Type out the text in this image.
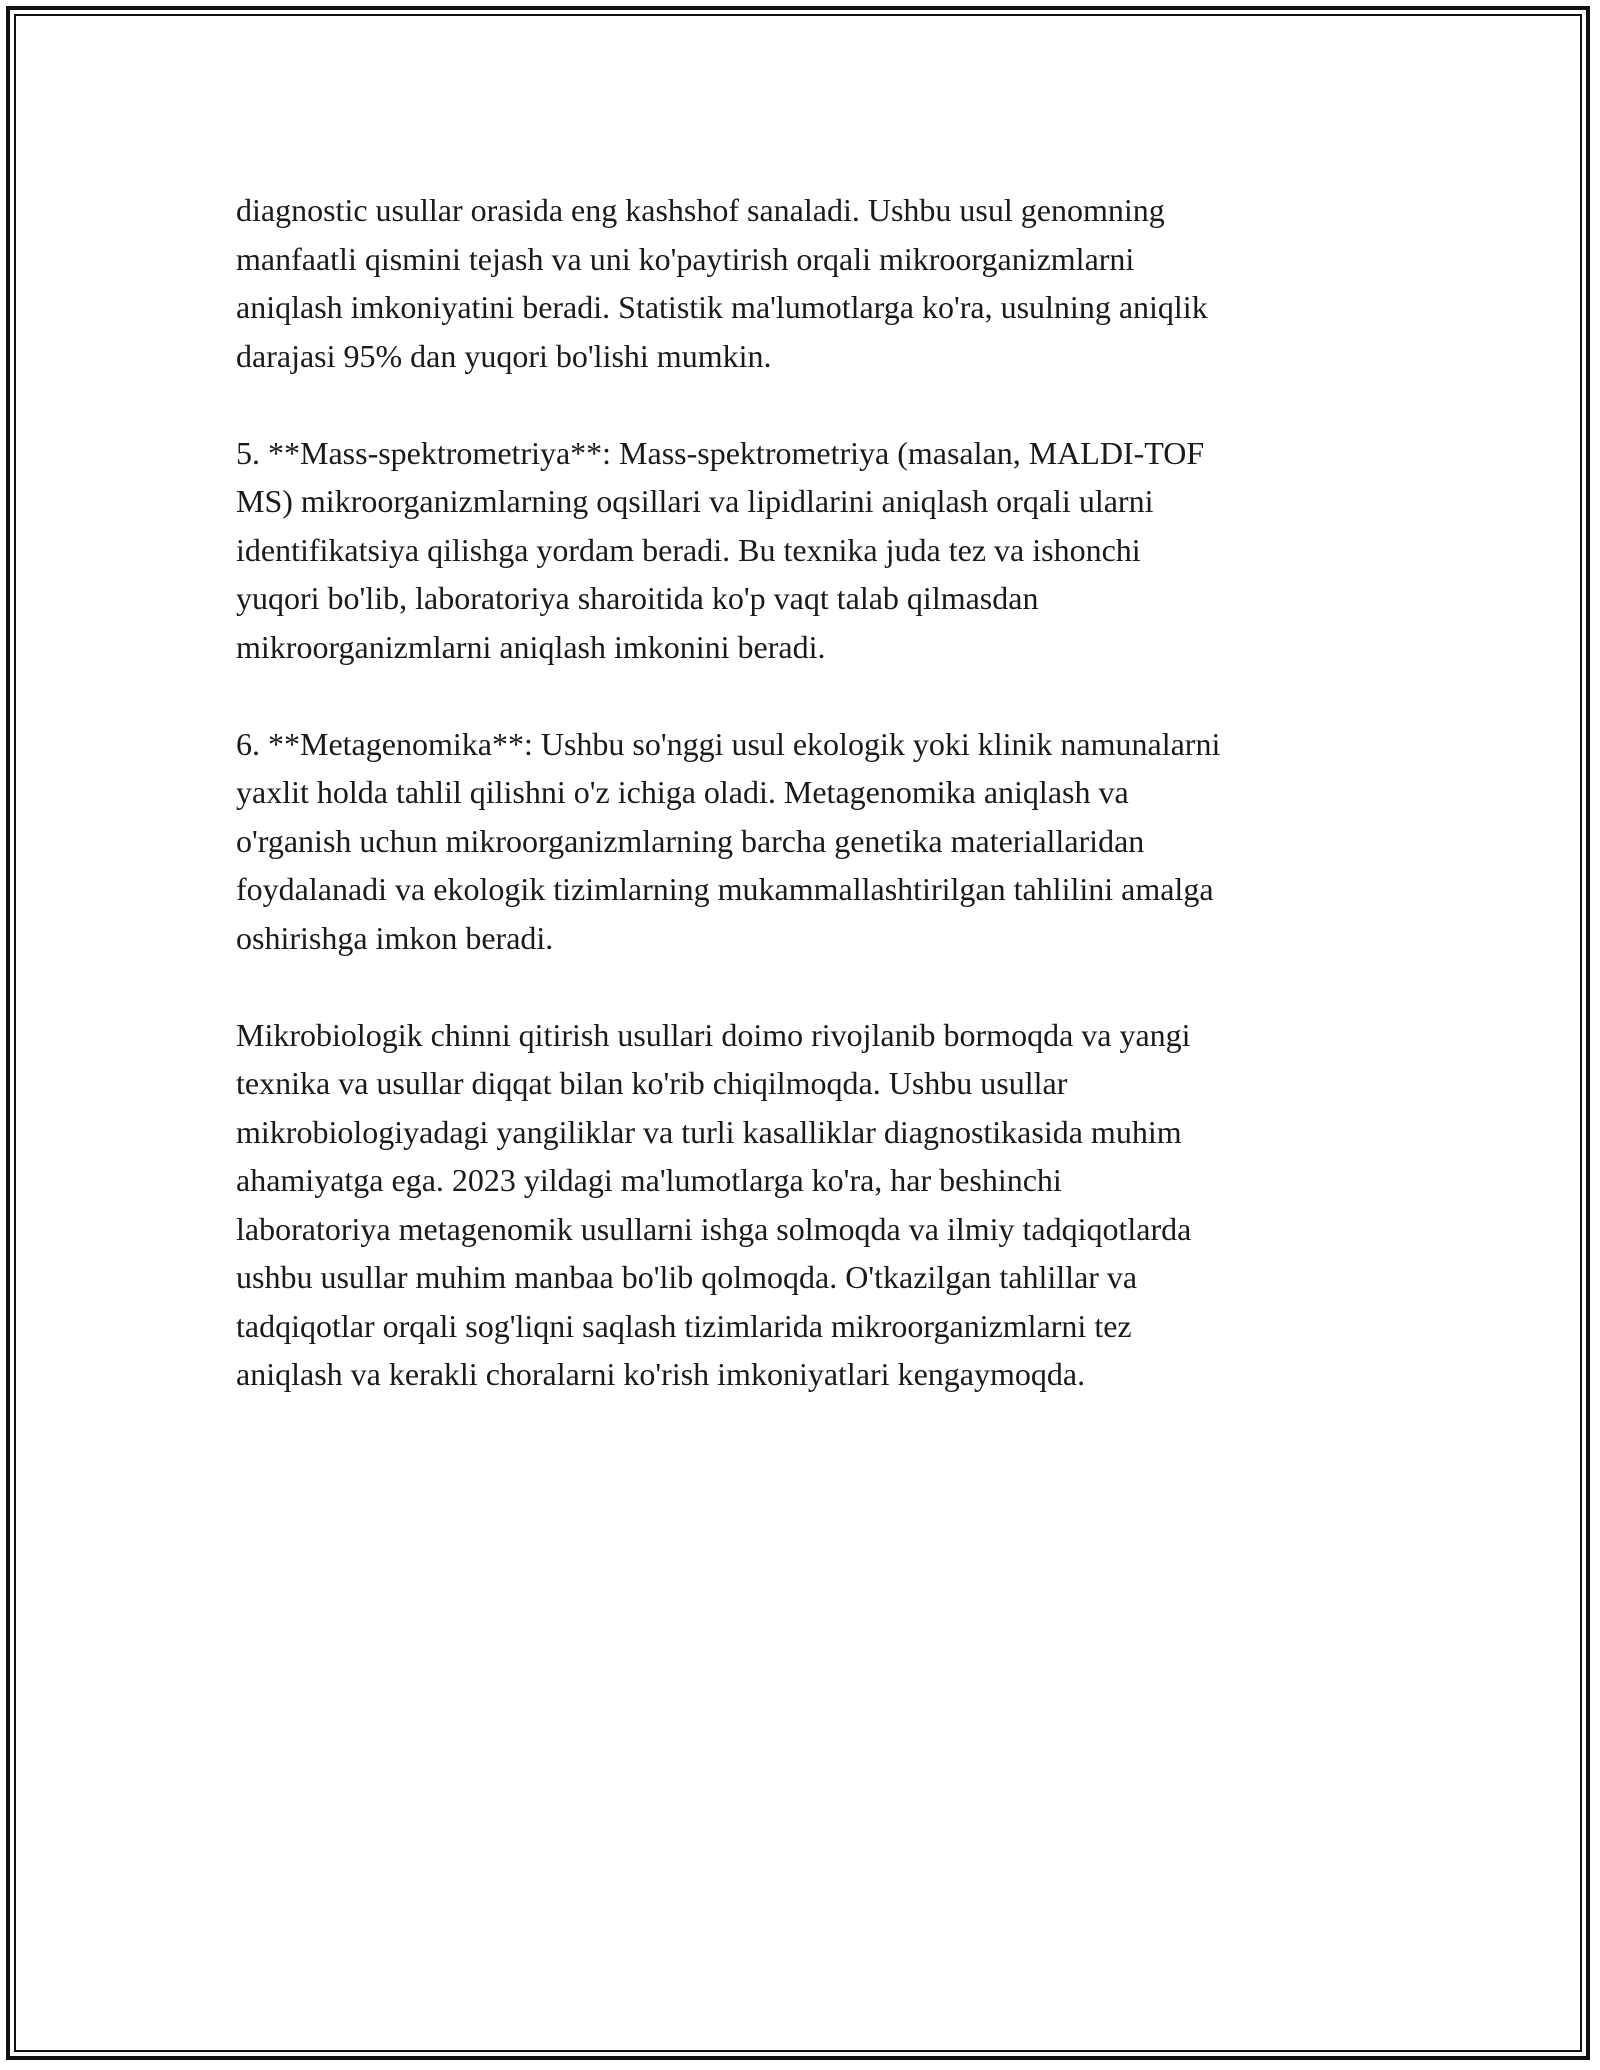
diagnostic usullar orasida eng kashshof sanaladi. Ushbu usul genomning
manfaatli qismini tejash va uni ko'paytirish orqali mikroorganizmlarni
aniqlash imkoniyatini beradi. Statistik ma'lumotlarga ko'ra, usulning aniqlik
darajasi 95% dan yuqori bo'lishi mumkin.

5. **Mass-spektrometriya**: Mass-spektrometriya (masalan, MALDI-TOF
MS) mikroorganizmlarning oqsillari va lipidlarini aniqlash orqali ularni
identifikatsiya qilishga yordam beradi. Bu texnika juda tez va ishonchi
yuqori bo'lib, laboratoriya sharoitida ko'p vaqt talab qilmasdan
mikroorganizmlarni aniqlash imkonini beradi.

6. **Metagenomika**: Ushbu so'nggi usul ekologik yoki klinik namunalarni
yaxlit holda tahlil qilishni o'z ichiga oladi. Metagenomika aniqlash va
o'rganish uchun mikroorganizmlarning barcha genetika materiallaridan
foydalanadi va ekologik tizimlarning mukammallashtirilgan tahlilini amalga
oshirishga imkon beradi.

Mikrobiologik chinni qitirish usullari doimo rivojlanib bormoqda va yangi
texnika va usullar diqqat bilan ko'rib chiqilmoqda. Ushbu usullar
mikrobiologiyadagi yangiliklar va turli kasalliklar diagnostikasida muhim
ahamiyatga ega. 2023 yildagi ma'lumotlarga ko'ra, har beshinchi
laboratoriya metagenomik usullarni ishga solmoqda va ilmiy tadqiqotlarda
ushbu usullar muhim manbaa bo'lib qolmoqda. O'tkazilgan tahlillar va
tadqiqotlar orqali sog'liqni saqlash tizimlarida mikroorganizmlarni tez
aniqlash va kerakli choralarni ko'rish imkoniyatlari kengaymoqda.
